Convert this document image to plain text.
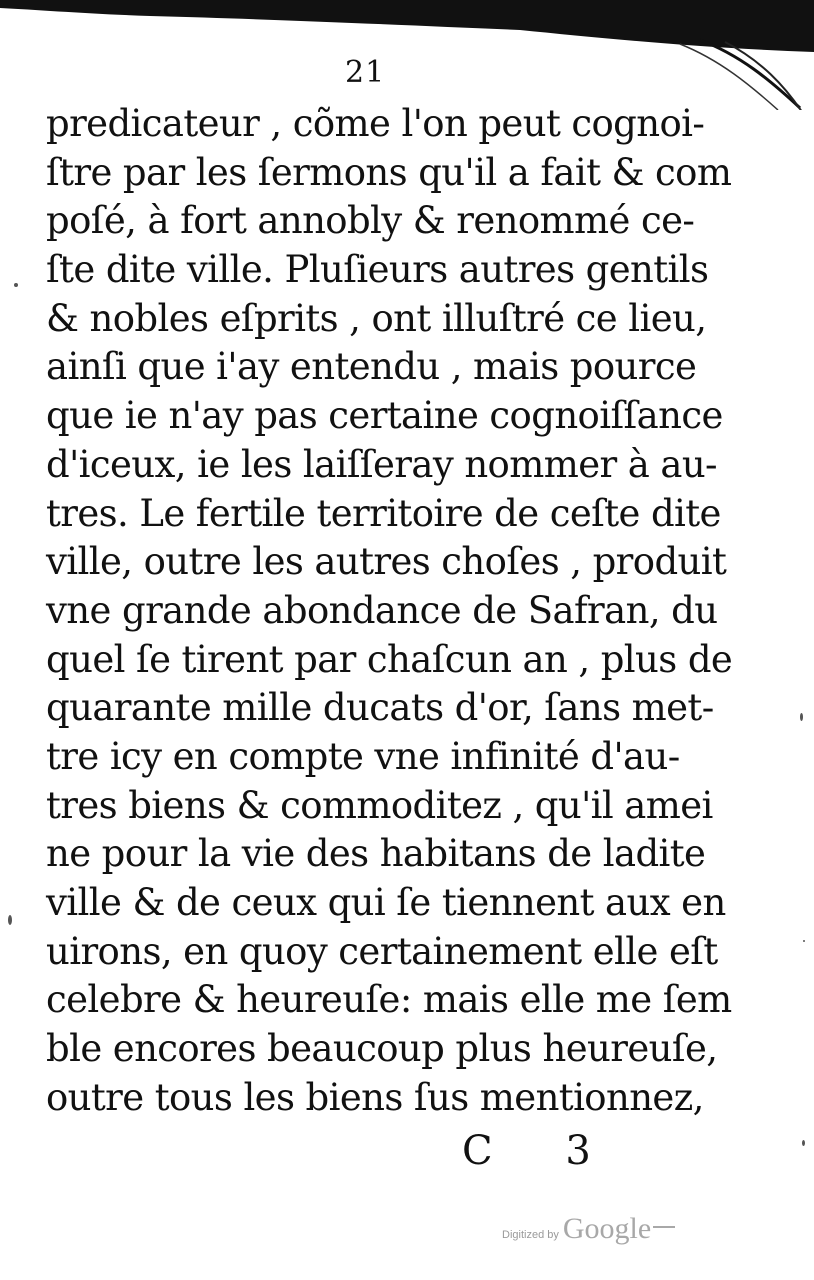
21
predicateur , cõme l'on peut cognoi-
ſtre par les ſermons qu'il a fait & com
poſé, à fort annobly & renommé ce-
ſte dite ville. Pluſieurs autres gentils
& nobles eſprits , ont illuſtré ce lieu,
ainſi que i'ay entendu , mais pource
que ie n'ay pas certaine cognoiſſance
d'iceux, ie les laiſſeray nommer à au-
tres. Le fertile territoire de ceſte dite
ville, outre les autres choſes , produit
vne grande abondance de Safran, du
quel ſe tirent par chaſcun an , plus de
quarante mille ducats d'or, ſans met-
tre icy en compte vne infinité d'au-
tres biens & commoditez , qu'il amei
ne pour la vie des habitans de ladite
ville & de ceux qui ſe tiennent aux en
uirons, en quoy certainement elle eſt
celebre & heureuſe: mais elle me ſem
ble encores beaucoup plus heureuſe,
outre tous les biens ſus mentionnez,
C 3
Digitized by Google
